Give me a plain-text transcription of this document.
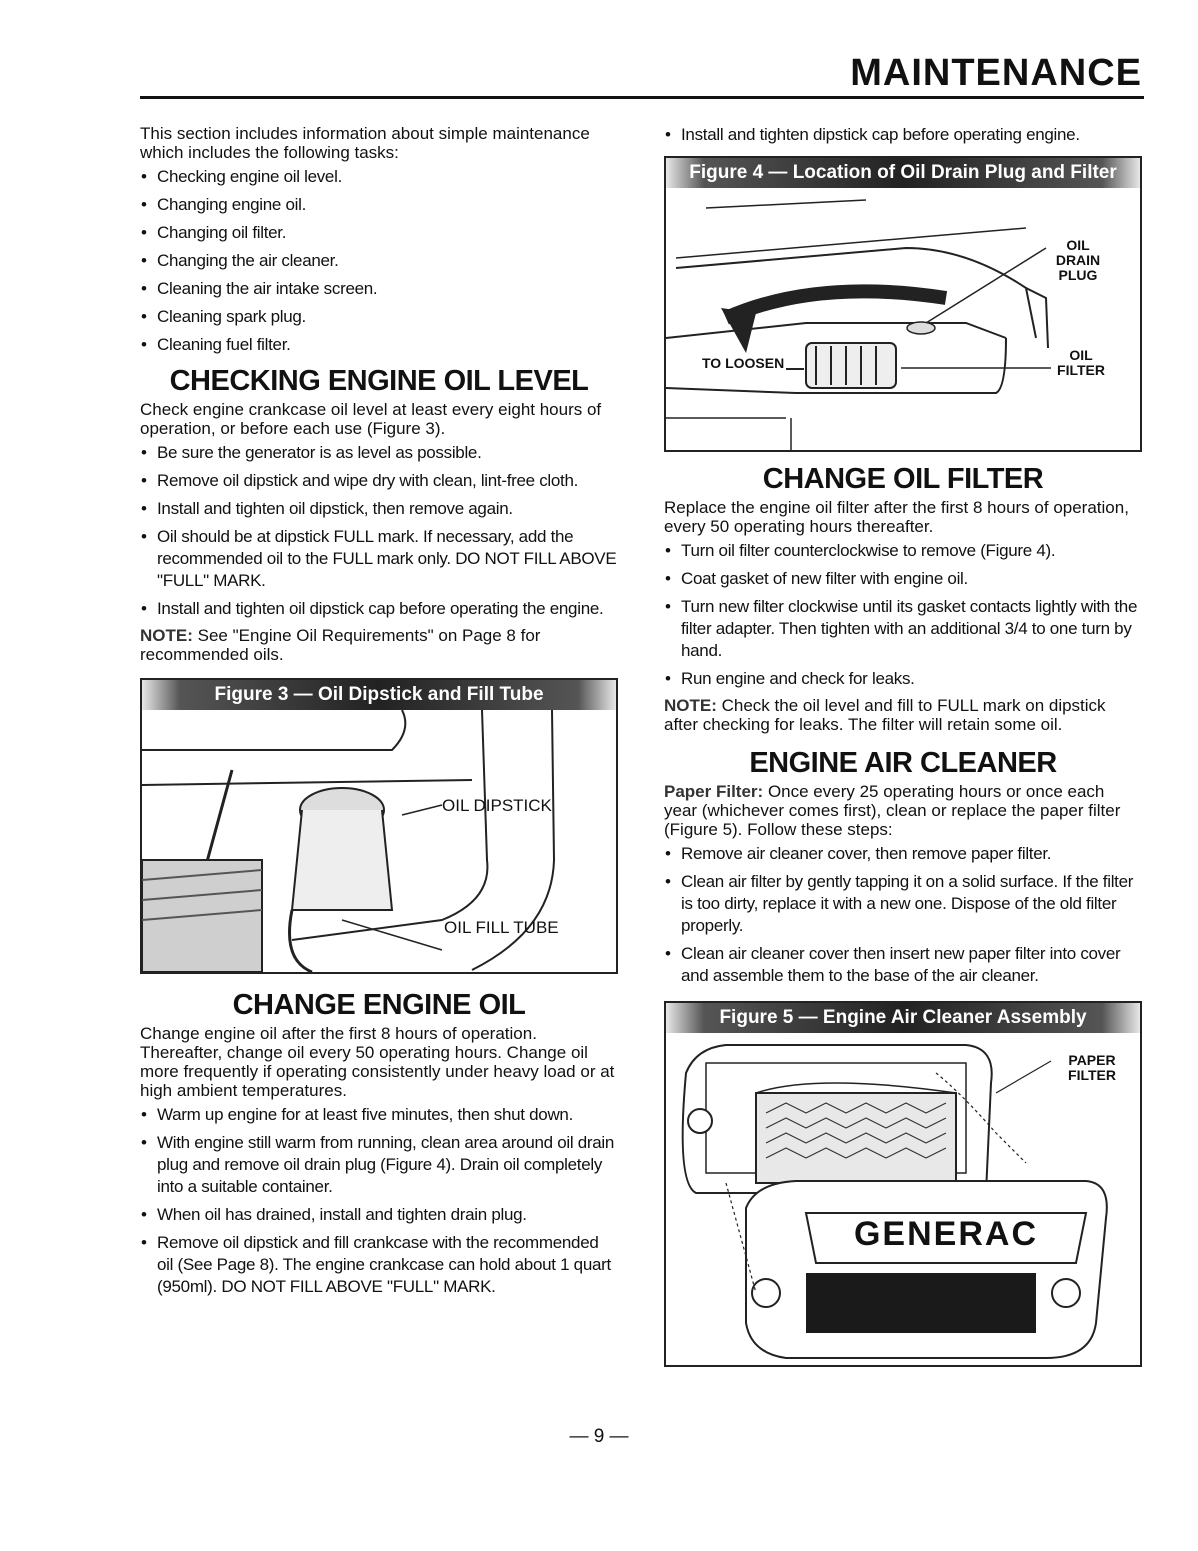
MAINTENANCE

This section includes information about simple maintenance which includes the following tasks:

• Checking engine oil level.
• Changing engine oil.
• Changing oil filter.
• Changing the air cleaner.
• Cleaning the air intake screen.
• Cleaning spark plug.
• Cleaning fuel filter.
CHECKING ENGINE OIL LEVEL

Check engine crankcase oil level at least every eight hours of operation, or before each use (Figure 3).

• Be sure the generator is as level as possible.
• Remove oil dipstick and wipe dry with clean, lint-free cloth.
• Install and tighten oil dipstick, then remove again.
• Oil should be at dipstick FULL mark. If necessary, add the recommended oil to the FULL mark only. DO NOT FILL ABOVE "FULL" MARK.
• Install and tighten oil dipstick cap before operating the engine.

NOTE: See "Engine Oil Requirements" on Page 8 for recommended oils.

Figure 3 — Oil Dipstick and Fill Tube
OIL DIPSTICK
OIL FILL TUBE
CHANGE ENGINE OIL

Change engine oil after the first 8 hours of operation. Thereafter, change oil every 50 operating hours. Change oil more frequently if operating consistently under heavy load or at high ambient temperatures.

• Warm up engine for at least five minutes, then shut down.
• With engine still warm from running, clean area around oil drain plug and remove oil drain plug (Figure 4). Drain oil completely into a suitable container.
• When oil has drained, install and tighten drain plug.
• Remove oil dipstick and fill crankcase with the recommended oil (See Page 8). The engine crankcase can hold about 1 quart (950ml). DO NOT FILL ABOVE "FULL" MARK.
• Install and tighten dipstick cap before operating engine.
Figure 4 — Location of Oil Drain Plug and Filter
TO LOOSEN
OIL DRAIN PLUG
OIL FILTER
CHANGE OIL FILTER

Replace the engine oil filter after the first 8 hours of operation, every 50 operating hours thereafter.

• Turn oil filter counterclockwise to remove (Figure 4).
• Coat gasket of new filter with engine oil.
• Turn new filter clockwise until its gasket contacts lightly with the filter adapter. Then tighten with an additional 3/4 to one turn by hand.
• Run engine and check for leaks.

NOTE: Check the oil level and fill to FULL mark on dipstick after checking for leaks. The filter will retain some oil.

ENGINE AIR CLEANER

Paper Filter: Once every 25 operating hours or once each year (whichever comes first), clean or replace the paper filter (Figure 5). Follow these steps:

• Remove air cleaner cover, then remove paper filter.
• Clean air filter by gently tapping it on a solid surface. If the filter is too dirty, replace it with a new one. Dispose of the old filter properly.
• Clean air cleaner cover then insert new paper filter into cover and assemble them to the base of the air cleaner.
Figure 5 — Engine Air Cleaner Assembly
GENERAC
PAPER FILTER
— 9 —
